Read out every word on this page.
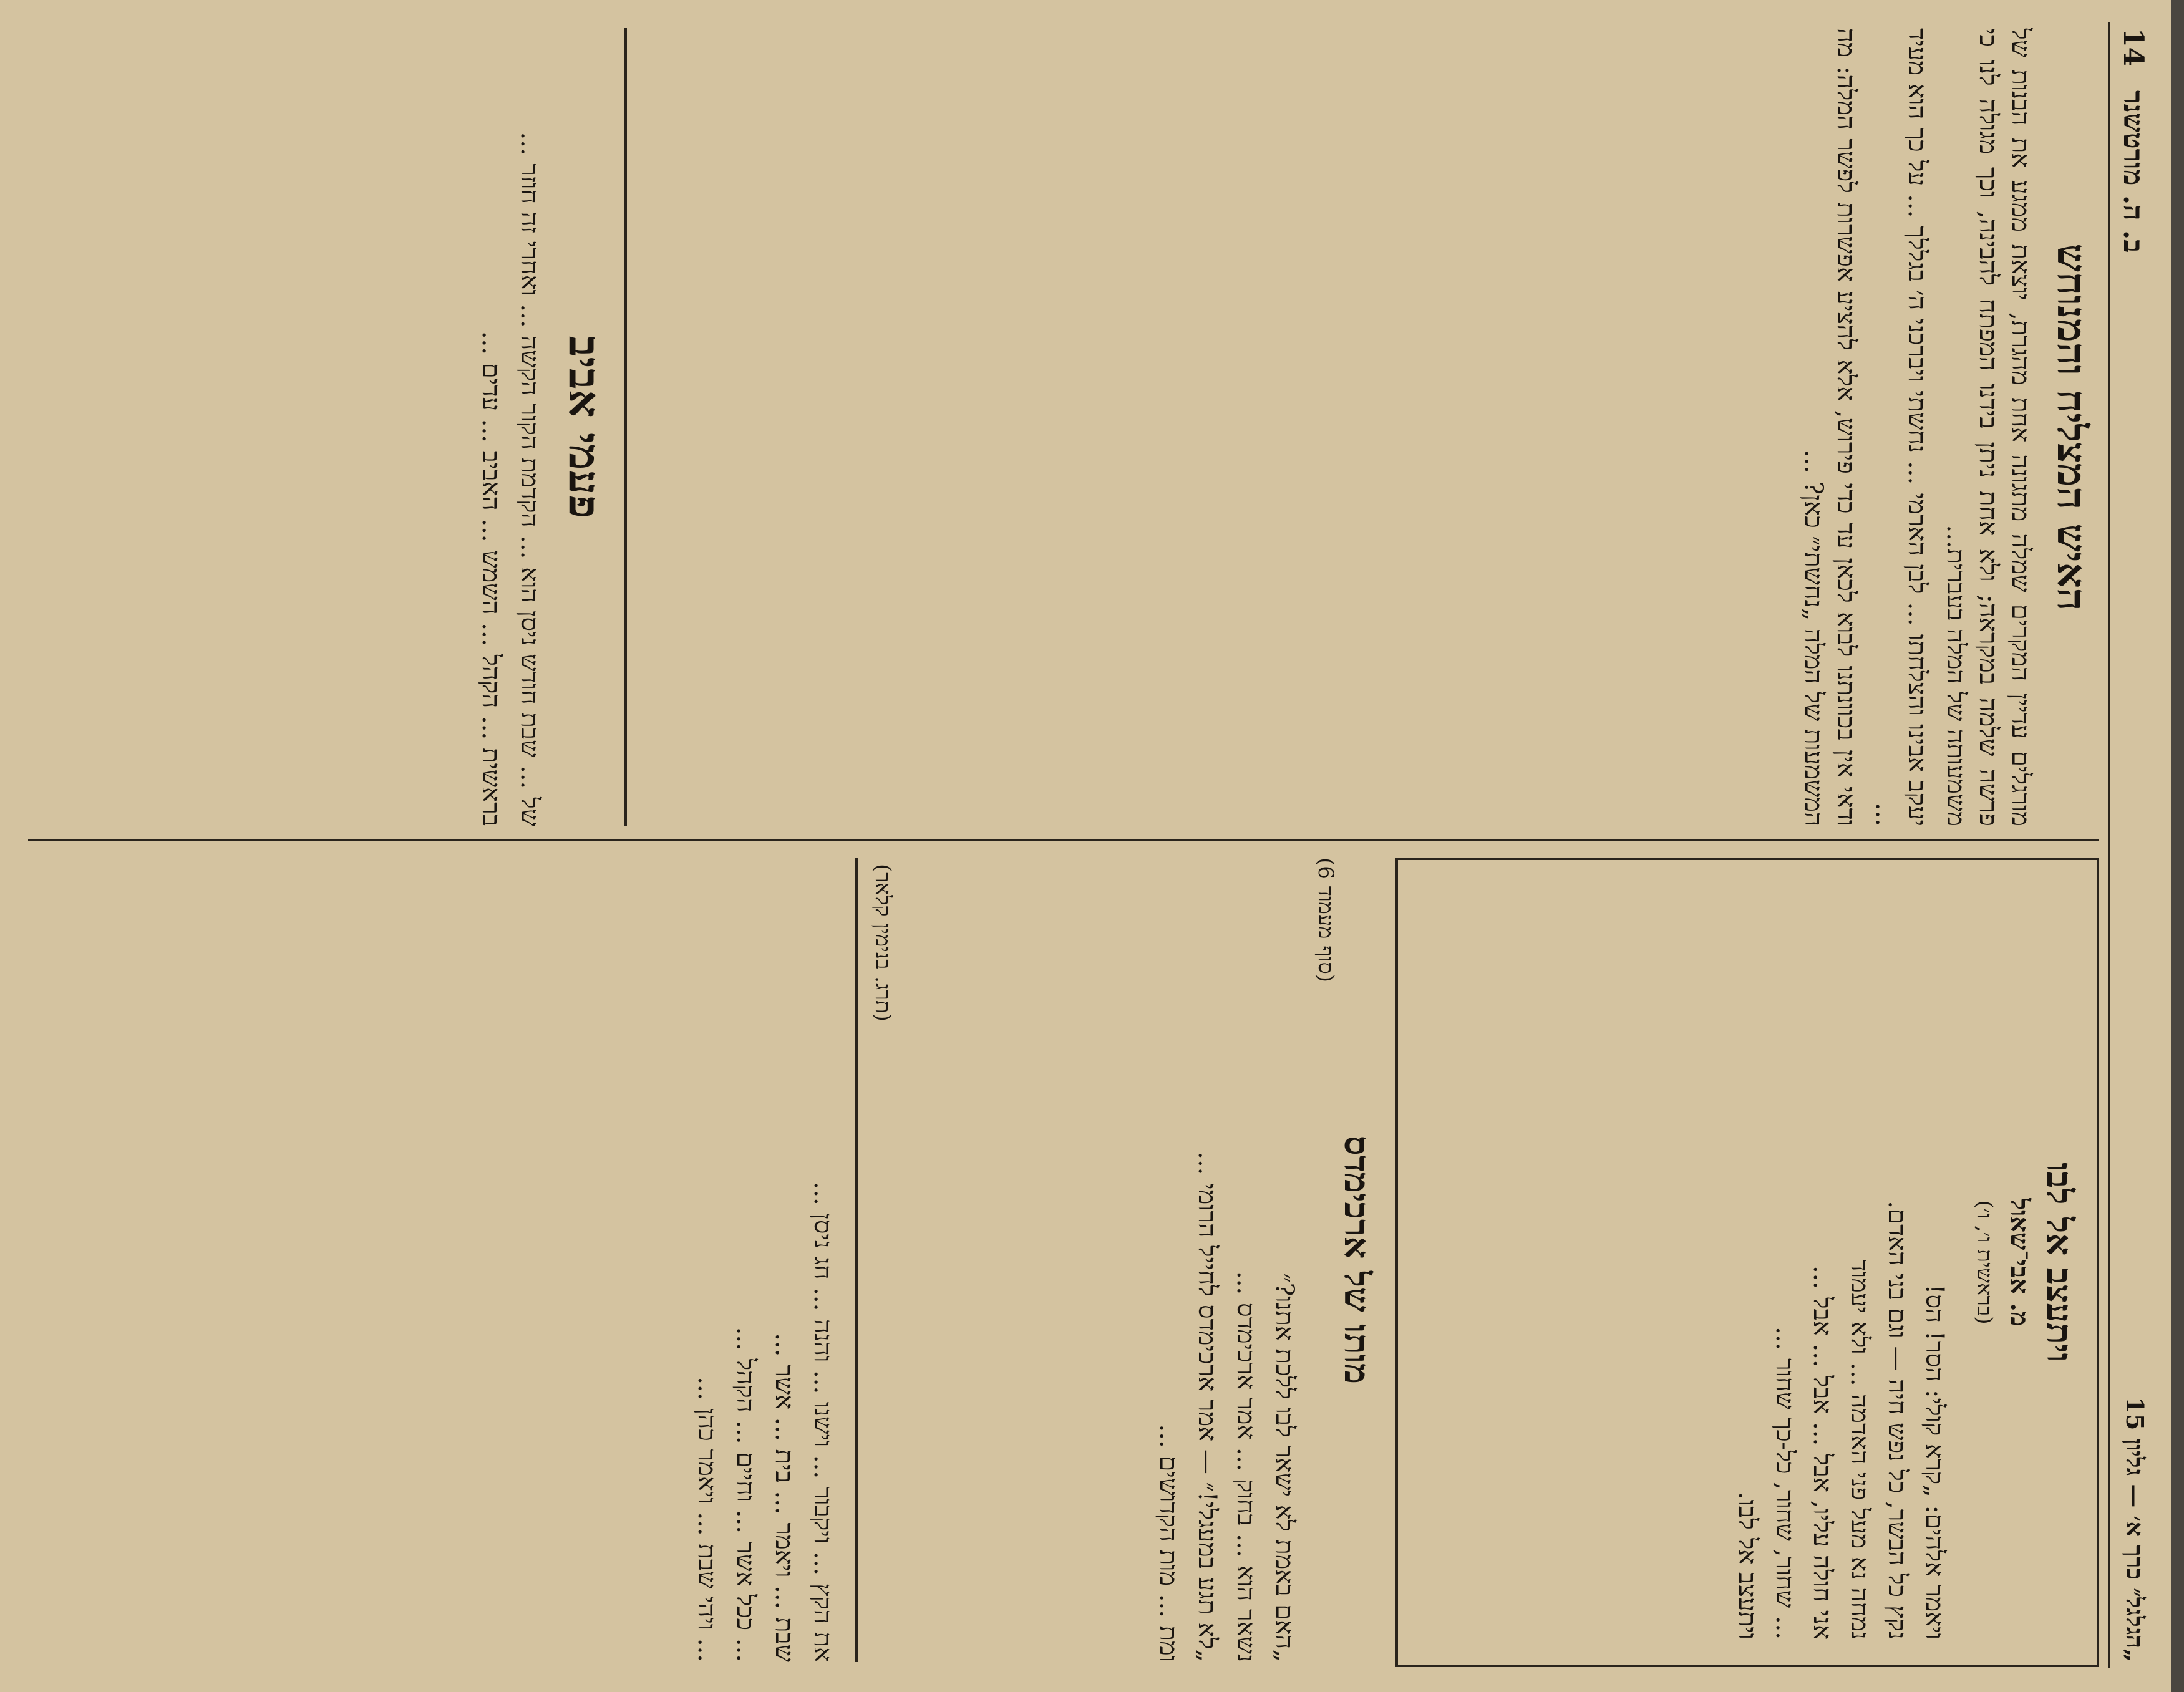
14
ב. ה. מורטשנר
„הגלגל״ כרך א׳ — גליון 15
האיש המצליח והמנוחש

מורגלים עדיין המקרים שמלה מתגונה אחת מהגרת, יוצאת ממגע את הבנות של פרשה שלמה במקראה; ולא אחת ניתן בידנו המפתח להבינה, וכך מגולה לנו כי משמעותה של המלה בעברית...

יעקב אבינו והצלחתו ... לבן הארמי ... נחשתי ויברכני ה׳ בגללך ... על כך הוא מעיד ...

ודאי אין בכוונתנו לבוא לכאן עד כדי פירוש, אלא להציע אפשרות לפשר המלה: מה המשמעות של המלה „נחשתי״ כאן? ...

פעמי אביב

של ... שבת חודש ניסן הוא ... הקדמת הקור הקשה ... ואחרי זה חוזר ...

בראשית ... הקהל ... השמש ... האביב ... עדים ...

ויתעצב אל לבו
מ. אבי־שאול
(בראשית ו׳, ו׳)
ויאמר אלהים: „קרא קולי: הסר! הס!
נקץ כל הבשר, כל נפש חיה — וגם בני האדם.
נמחה נא מעל פני האדמה ... ולא יעמוד
אני חולה עליו, אבל ... אבל ... אבל ...
... שחור, שחור, כל-כך שחור ...
ויתעצב אל לבו.
מותו של ארכימדס
(סוף מעמוד 6)

„האם באמת לא ישאר לבו ללכת אתנו?״

נשאר הוא ... בחוק ... אמר ארכימדס ...

„לא תגע במעגלי!״ — אמר ארכימדס לחייל הרומי ...

ומת ... מות הקדושים ...

(תרג. בנימין קלאר)

את הקץ ... ויקבור ... וישנו ... והנה ... חג ניסן ...

שבת ... ויאמר ... בית ... אשר ...

... ככל אשר ... וחיים ... הקהל ...

... ויהי שבת ... ויאמר כהן ...
